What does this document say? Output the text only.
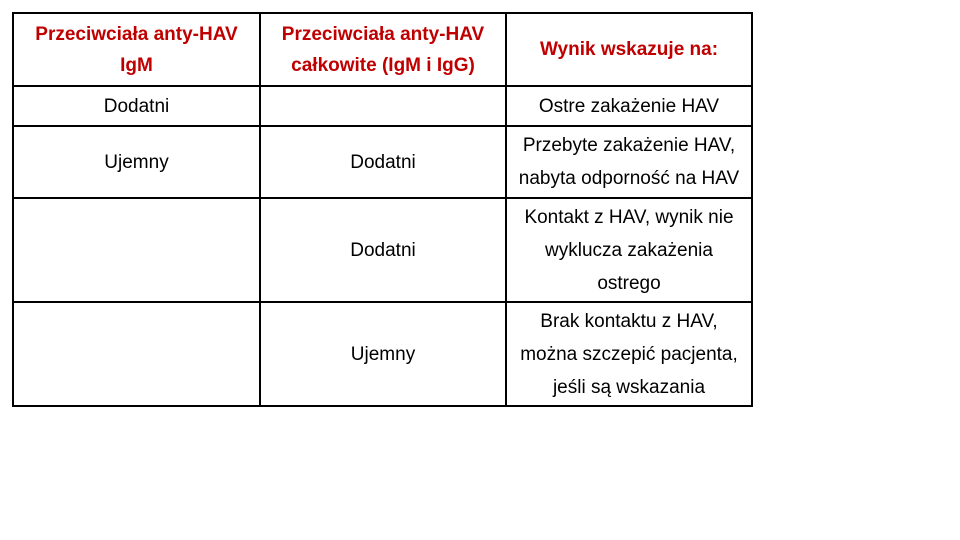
Przeciwciała anty-HAV IgM	Przeciwciała anty-HAV całkowite (IgM i IgG)	Wynik wskazuje na:
Dodatni		Ostre zakażenie HAV
Ujemny	Dodatni	Przebyte zakażenie HAV, nabyta odporność na HAV
	Dodatni	Kontakt z HAV, wynik nie wyklucza zakażenia ostrego
	Ujemny	Brak kontaktu z HAV, można szczepić pacjenta, jeśli są wskazania
